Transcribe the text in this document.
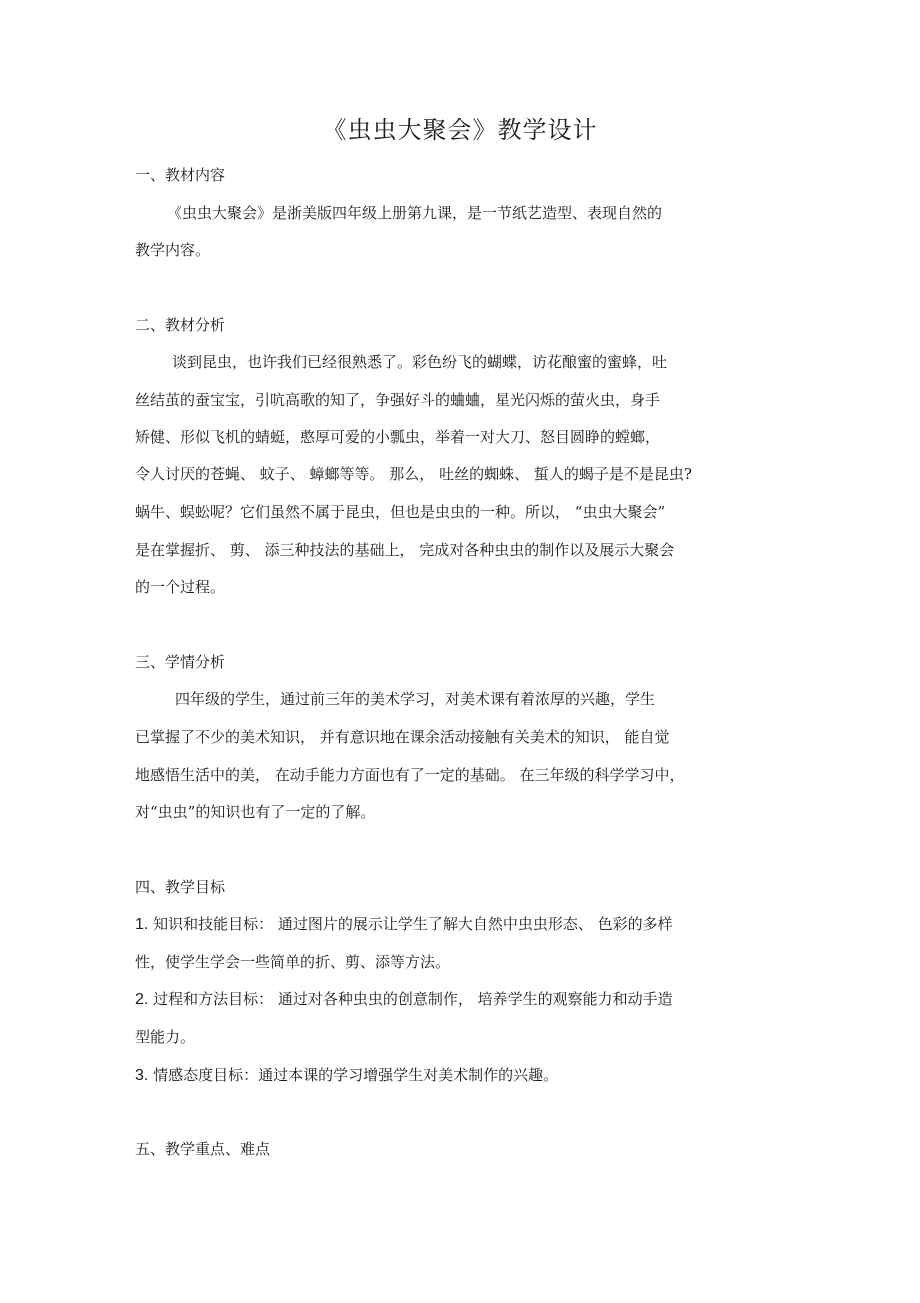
《虫虫大聚会》教学设计
一、教材内容
《虫虫大聚会》是浙美版四年级上册第九课，是一节纸艺造型、表现自然的
教学内容。
二、教材分析
谈到昆虫，也许我们已经很熟悉了。彩色纷飞的蝴蝶，访花酿蜜的蜜蜂，吐
丝结茧的蚕宝宝，引吭高歌的知了，争强好斗的蛐蛐，星光闪烁的萤火虫，身手
矫健、形似飞机的蜻蜓，憨厚可爱的小瓢虫，举着一对大刀、怒目圆睁的螳螂，
令人讨厌的苍蝇、 蚊子、 蟑螂等等。 那么， 吐丝的蜘蛛、 蜇人的蝎子是不是昆虫?
蜗牛、蜈蚣呢？它们虽然不属于昆虫，但也是虫虫的一种。所以， “虫虫大聚会”
是在掌握折、 剪、 添三种技法的基础上， 完成对各种虫虫的制作以及展示大聚会
的一个过程。
三、学情分析
四年级的学生，通过前三年的美术学习，对美术课有着浓厚的兴趣，学生
已掌握了不少的美术知识， 并有意识地在课余活动接触有关美术的知识， 能自觉
地感悟生活中的美， 在动手能力方面也有了一定的基础。 在三年级的科学学习中，
对“虫虫”的知识也有了一定的了解。
四、教学目标
1. 知识和技能目标： 通过图片的展示让学生了解大自然中虫虫形态、 色彩的多样
性，使学生学会一些简单的折、剪、添等方法。
2. 过程和方法目标： 通过对各种虫虫的创意制作， 培养学生的观察能力和动手造
型能力。
3. 情感态度目标：通过本课的学习增强学生对美术制作的兴趣。
五、教学重点、难点
